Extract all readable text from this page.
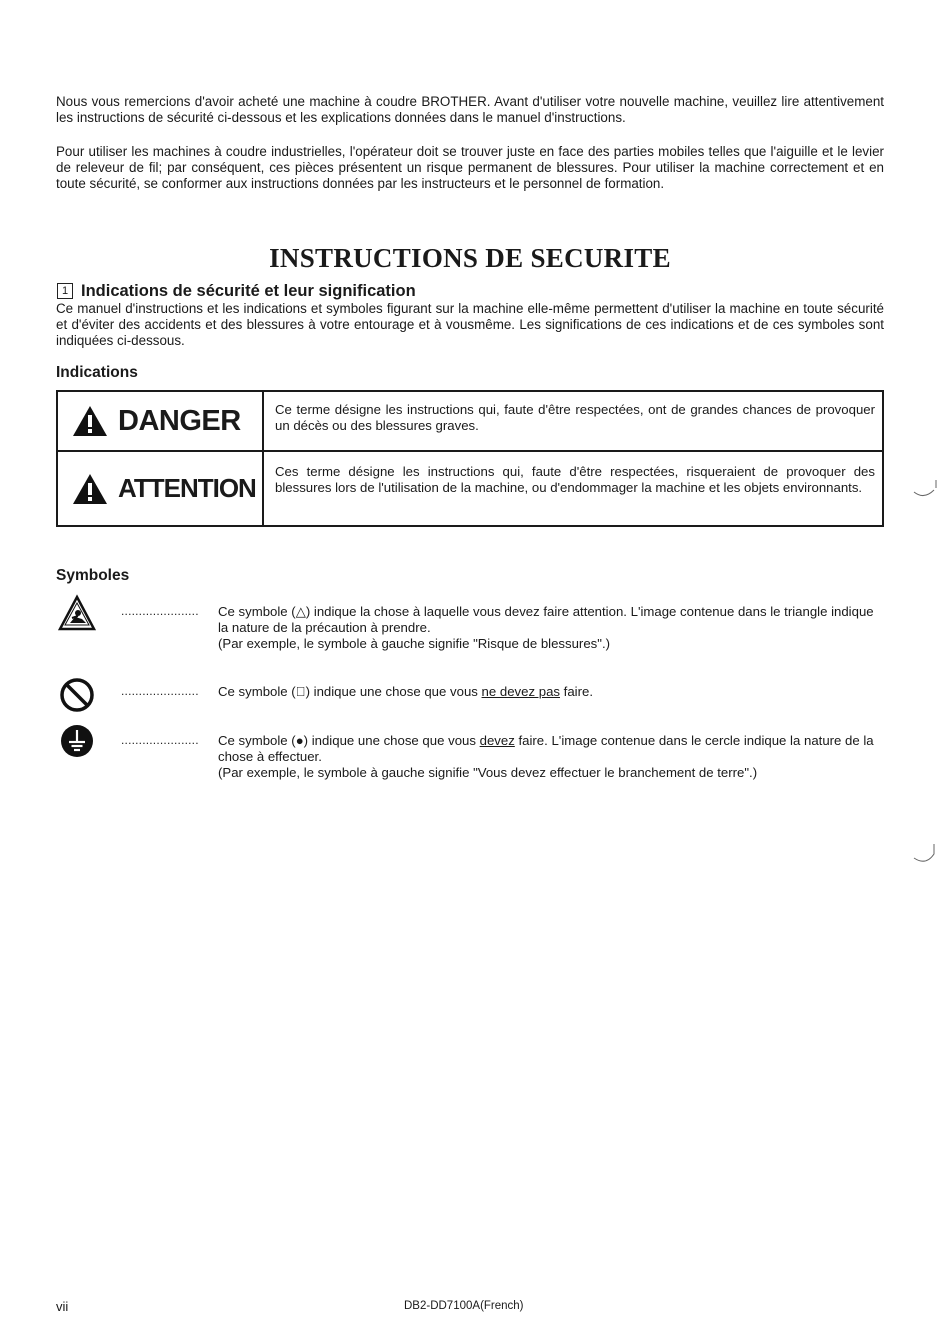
Nous vous remercions d'avoir acheté une machine à coudre BROTHER. Avant d'utiliser votre nouvelle machine, veuillez lire attentivement les instructions de sécurité ci-dessous et les explications données dans le manuel d'instructions.

Pour utiliser les machines à coudre industrielles, l'opérateur doit se trouver juste en face des parties mobiles telles que l'aiguille et le levier de releveur de fil; par conséquent, ces pièces présentent un risque permanent de blessures. Pour utiliser la machine correctement et en toute sécurité, se conformer aux instructions données par les instructeurs et le personnel de formation.

INSTRUCTIONS DE SECURITE
1 Indications de sécurité et leur signification

Ce manuel d'instructions et les indications et symboles figurant sur la machine elle-même permettent d'utiliser la machine en toute sécurité et d'éviter des accidents et des blessures à votre entourage et à vousmême. Les significations de ces indications et de ces symboles sont indiquées ci-dessous.

Indications
DANGER	Ce terme désigne les instructions qui, faute d'être respectées, ont de grandes chances de provoquer un décès ou des blessures graves.

ATTENTION

Ces terme désigne les instructions qui, faute d'être respectées, risqueraient de provoquer des blessures lors de l'utilisation de la machine, ou d'endommager la machine et les objets environnants.

Symboles
...................... Ce symbole (△) indique la chose à laquelle vous devez faire attention. L'image contenue dans le triangle indique la nature de la précaution à prendre.
(Par exemple, le symbole à gauche signifie "Risque de blessures".)

...................... Ce symbole () indique une chose que vous ne devez pas faire.

...................... Ce symbole (●) indique une chose que vous devez faire. L'image contenue dans le cercle indique la nature de la chose à effectuer.
(Par exemple, le symbole à gauche signifie "Vous devez effectuer le branchement de terre".)

vii	DB2-DD7100A(French)
